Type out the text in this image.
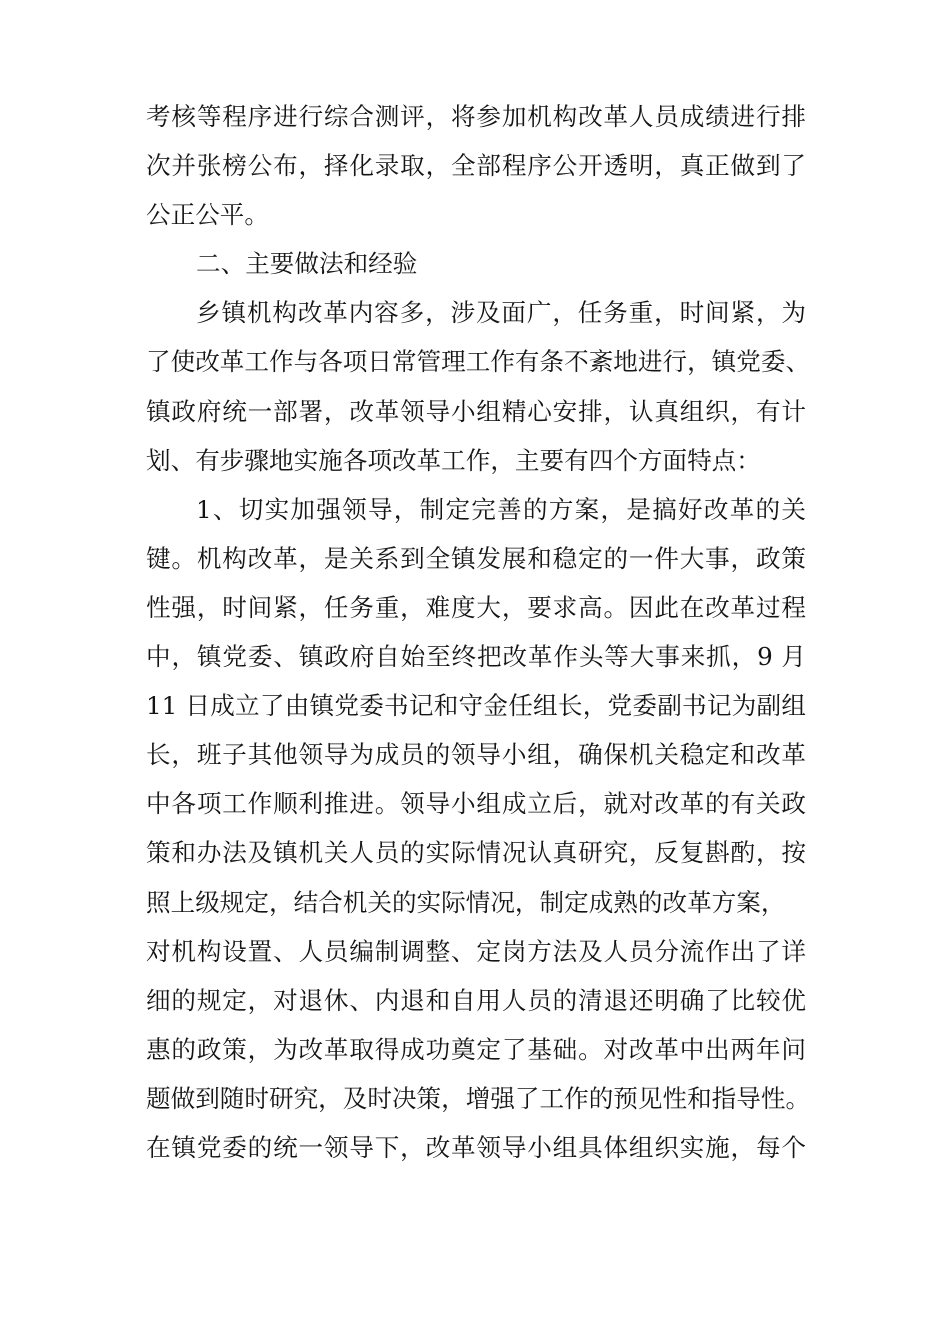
考核等程序进行综合测评，将参加机构改革人员成绩进行排
次并张榜公布，择化录取，全部程序公开透明，真正做到了
公正公平。
二、主要做法和经验
乡镇机构改革内容多，涉及面广，任务重，时间紧，为
了使改革工作与各项日常管理工作有条不紊地进行，镇党委、
镇政府统一部署，改革领导小组精心安排，认真组织，有计
划、有步骤地实施各项改革工作，主要有四个方面特点：
1、切实加强领导，制定完善的方案，是搞好改革的关
键。机构改革，是关系到全镇发展和稳定的一件大事，政策
性强，时间紧，任务重，难度大，要求高。因此在改革过程
中，镇党委、镇政府自始至终把改革作头等大事来抓，9 月
11 日成立了由镇党委书记和守金任组长，党委副书记为副组
长，班子其他领导为成员的领导小组，确保机关稳定和改革
中各项工作顺利推进。领导小组成立后，就对改革的有关政
策和办法及镇机关人员的实际情况认真研究，反复斟酌，按
照上级规定，结合机关的实际情况，制定成熟的改革方案，
对机构设置、人员编制调整、定岗方法及人员分流作出了详
细的规定，对退休、内退和自用人员的清退还明确了比较优
惠的政策，为改革取得成功奠定了基础。对改革中出两年问
题做到随时研究，及时决策，增强了工作的预见性和指导性。
在镇党委的统一领导下，改革领导小组具体组织实施，每个
